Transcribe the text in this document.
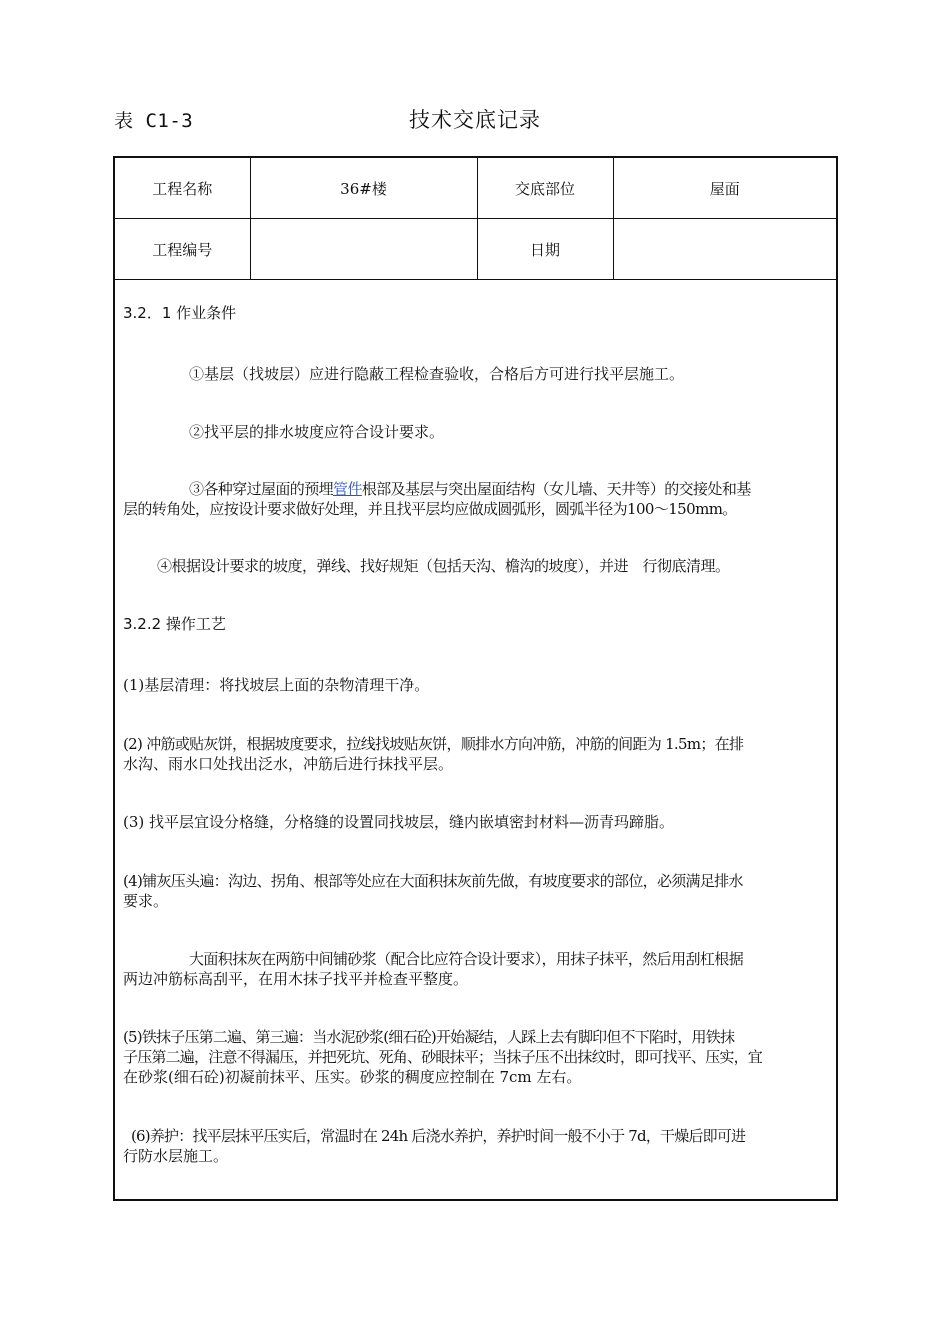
表 C1-3	技术交底记录
工程名称	36#楼	交底部位	屋面
工程编号		日期	
3.2．1 作业条件
①基层（找坡层）应进行隐蔽工程检查验收，合格后方可进行找平层施工。
②找平层的排水坡度应符合设计要求。
③各种穿过屋面的预埋管件根部及基层与突出屋面结构（女儿墙、天井等）的交接处和基
层的转角处，应按设计要求做好处理，并且找平层均应做成圆弧形，圆弧半径为100～150mm。
④根据设计要求的坡度，弹线、找好规矩（包括天沟、檐沟的坡度），并进　行彻底清理。
3.2.2 操作工艺
(1)基层清理：将找坡层上面的杂物清理干净。
(2) 冲筋或贴灰饼，根据坡度要求，拉线找坡贴灰饼，顺排水方向冲筋，冲筋的间距为 1.5m；在排
水沟、雨水口处找出泛水，冲筋后进行抹找平层。
(3) 找平层宜设分格缝，分格缝的设置同找坡层，缝内嵌填密封材料—沥青玛蹄脂。
(4)铺灰压头遍：沟边、拐角、根部等处应在大面积抹灰前先做，有坡度要求的部位，必须满足排水
要求。
大面积抹灰在两筋中间铺砂浆（配合比应符合设计要求），用抹子抹平，然后用刮杠根据
两边冲筋标高刮平，在用木抹子找平并检查平整度。
(5)铁抹子压第二遍、第三遍：当水泥砂浆(细石砼)开始凝结，人踩上去有脚印但不下陷时，用铁抹
子压第二遍，注意不得漏压，并把死坑、死角、砂眼抹平；当抹子压不出抹纹时，即可找平、压实，宜
在砂浆(细石砼)初凝前抹平、压实。砂浆的稠度应控制在 7cm 左右。
(6)养护：找平层抹平压实后，常温时在 24h 后浇水养护，养护时间一般不小于 7d，干燥后即可进
行防水层施工。
